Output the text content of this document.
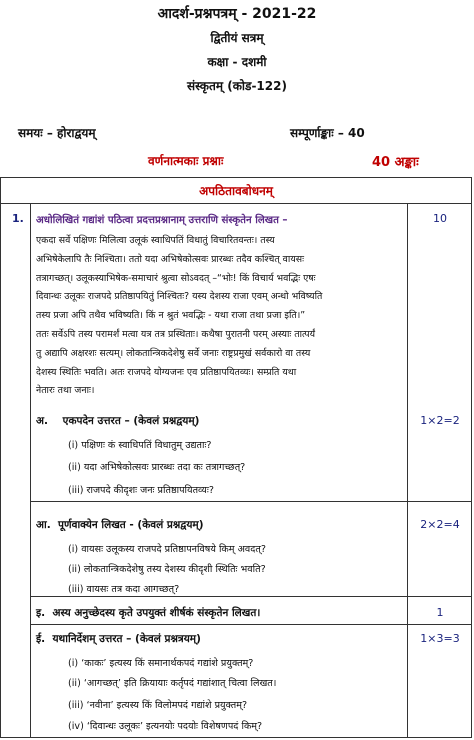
आदर्श-प्रश्नपत्रम् - 2021-22
द्वितीयं सत्रम्
कक्षा - दशमी
संस्कृतम् (कोड-122)
समयः – होराद्वयम्	सम्पूर्णाङ्काः – 40
वर्णनात्मकाः प्रश्नाः	40 अङ्काः
अपठितावबोधनम्
1. अधोलिखितं गद्यांशं पठित्वा प्रदत्तप्रश्नानाम् उत्तराणि संस्कृतेन लिखत –	10
एकदा सर्वे पक्षिणः मिलित्वा उलूकं स्वाधिपतिं विधातुं विचारितवन्तः। तस्य
अभिषेकेलापि तैः निश्चिता। ततो यदा अभिषेकोत्सवः प्रारब्धः तदैव कश्चित् वायसः
तत्रागच्छत्। उलूकस्याभिषेक-समाचारं श्रुत्वा सोऽवदत् –“भोः! किं विचार्य भवद्भिः एषः
दिवान्धः उलूकः राजपदे प्रतिष्ठापयितुं निश्चितः? यस्य देशस्य राजा एवम् अन्धो भविष्यति
तस्य प्रजा अपि तथैव भविष्यति। किं न श्रुतं भवद्भिः - यथा राजा तथा प्रजा इति।”
ततः सर्वेऽपि तस्य परामर्शं मत्वा यत्र तत्र प्रस्थिताः। कथैषा पुरातनी परम् अस्याः तात्पर्यं
तु अद्यापि अक्षरशः सत्यम्। लोकतान्त्रिकदेशेषु सर्वे जनाः राष्ट्रप्रमुखं सर्वकारो वा तस्य
देशस्य स्थितिः भवति। अतः राजपदे योग्यजनः एव प्रतिष्ठापयितव्यः। सम्प्रति यथा
नेतारः तथा जनाः।
अ. एकपदेन उत्तरत – (केवलं प्रश्नद्वयम्)	1×2=2
(i) पक्षिणः कं स्वाधिपतिं विधातुम् उद्यताः?
(ii) यदा अभिषेकोत्सवः प्रारब्धः तदा कः तत्रागच्छत्?
(iii) राजपदे कीदृशः जनः प्रतिष्ठापयितव्यः?
आ. पूर्णवाक्येन लिखत - (केवलं प्रश्नद्वयम्)	2×2=4
(i) वायसः उलूकस्य राजपदे प्रतिष्ठापनविषये किम् अवदत्?
(ii) लोकतान्त्रिकदेशेषु तस्य देशस्य कीदृशी स्थितिः भवति?
(iii) वायसः तत्र कदा आगच्छत्?
इ. अस्य अनुच्छेदस्य कृते उपयुक्तं शीर्षकं संस्कृतेन लिखत।	1
ई. यथानिर्देशम् उत्तरत – (केवलं प्रश्नत्रयम्)	1×3=3
(i) ‘काकः’ इत्यस्य किं समानार्थकपदं गद्यांशे प्रयुक्तम्?
(ii) ‘आगच्छत्’ इति क्रियायाः कर्तृपदं गद्यांशात् चित्वा लिखत।
(iii) ‘नवीना’ इत्यस्य किं विलोमपदं गद्यांशे प्रयुक्तम्?
(iv) ‘दिवान्धः उलूकः’ इत्यनयोः पदयोः विशेषणपदं किम्?
